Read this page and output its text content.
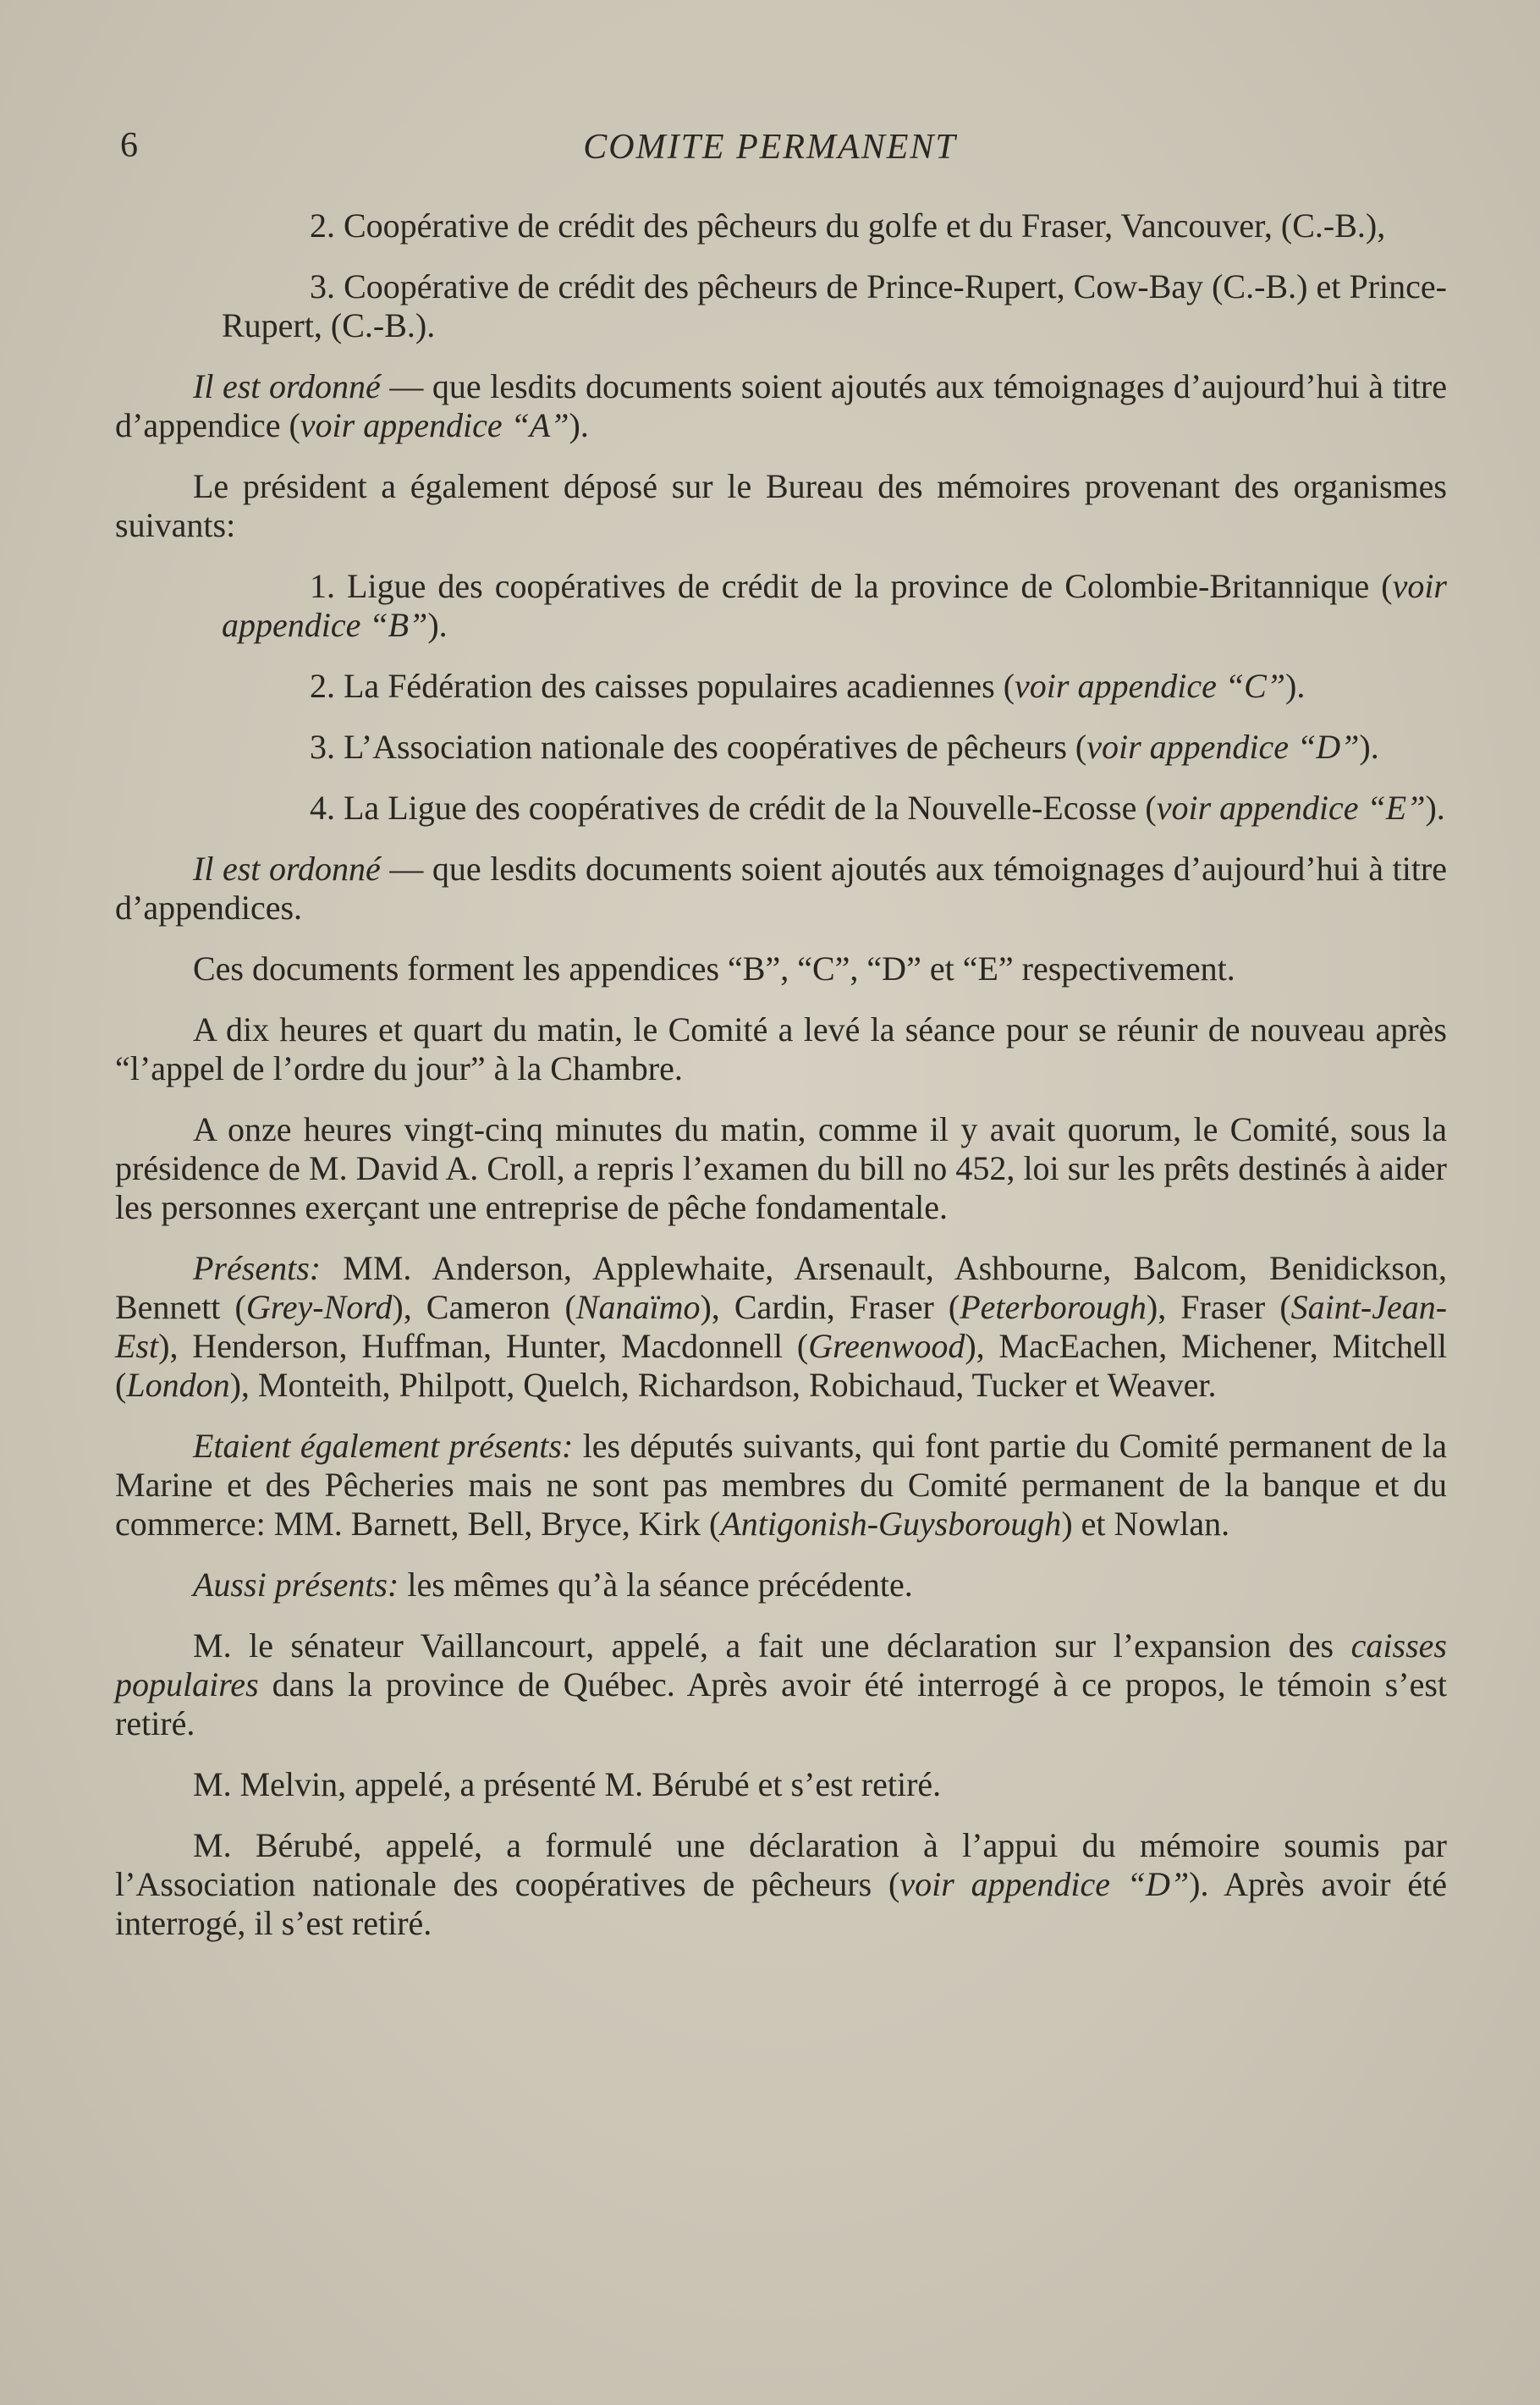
6	COMITE PERMANENT

2. Coopérative de crédit des pêcheurs du golfe et du Fraser, Vancouver, (C.-B.),

3. Coopérative de crédit des pêcheurs de Prince-Rupert, Cow-Bay (C.-B.) et Prince-Rupert, (C.-B.).

Il est ordonné — que lesdits documents soient ajoutés aux témoignages d’aujourd’hui à titre d’appendice (voir appendice “A”).

Le président a également déposé sur le Bureau des mémoires provenant des organismes suivants:

1. Ligue des coopératives de crédit de la province de Colombie-Britannique (voir appendice “B”).

2. La Fédération des caisses populaires acadiennes (voir appendice “C”).

3. L’Association nationale des coopératives de pêcheurs (voir appendice “D”).

4. La Ligue des coopératives de crédit de la Nouvelle-Ecosse (voir appendice “E”).

Il est ordonné — que lesdits documents soient ajoutés aux témoignages d’aujourd’hui à titre d’appendices.

Ces documents forment les appendices “B”, “C”, “D” et “E” respectivement.

A dix heures et quart du matin, le Comité a levé la séance pour se réunir de nouveau après “l’appel de l’ordre du jour” à la Chambre.

A onze heures vingt-cinq minutes du matin, comme il y avait quorum, le Comité, sous la présidence de M. David A. Croll, a repris l’examen du bill no 452, loi sur les prêts destinés à aider les personnes exerçant une entreprise de pêche fondamentale.

Présents: MM. Anderson, Applewhaite, Arsenault, Ashbourne, Balcom, Benidickson, Bennett (Grey-Nord), Cameron (Nanaïmo), Cardin, Fraser (Peterborough), Fraser (Saint-Jean-Est), Henderson, Huffman, Hunter, Macdonnell (Greenwood), MacEachen, Michener, Mitchell (London), Monteith, Philpott, Quelch, Richardson, Robichaud, Tucker et Weaver.

Etaient également présents: les députés suivants, qui font partie du Comité permanent de la Marine et des Pêcheries mais ne sont pas membres du Comité permanent de la banque et du commerce: MM. Barnett, Bell, Bryce, Kirk (Antigonish-Guysborough) et Nowlan.

Aussi présents: les mêmes qu’à la séance précédente.

M. le sénateur Vaillancourt, appelé, a fait une déclaration sur l’expansion des caisses populaires dans la province de Québec. Après avoir été interrogé à ce propos, le témoin s’est retiré.

M. Melvin, appelé, a présenté M. Bérubé et s’est retiré.

M. Bérubé, appelé, a formulé une déclaration à l’appui du mémoire soumis par l’Association nationale des coopératives de pêcheurs (voir appendice “D”). Après avoir été interrogé, il s’est retiré.
